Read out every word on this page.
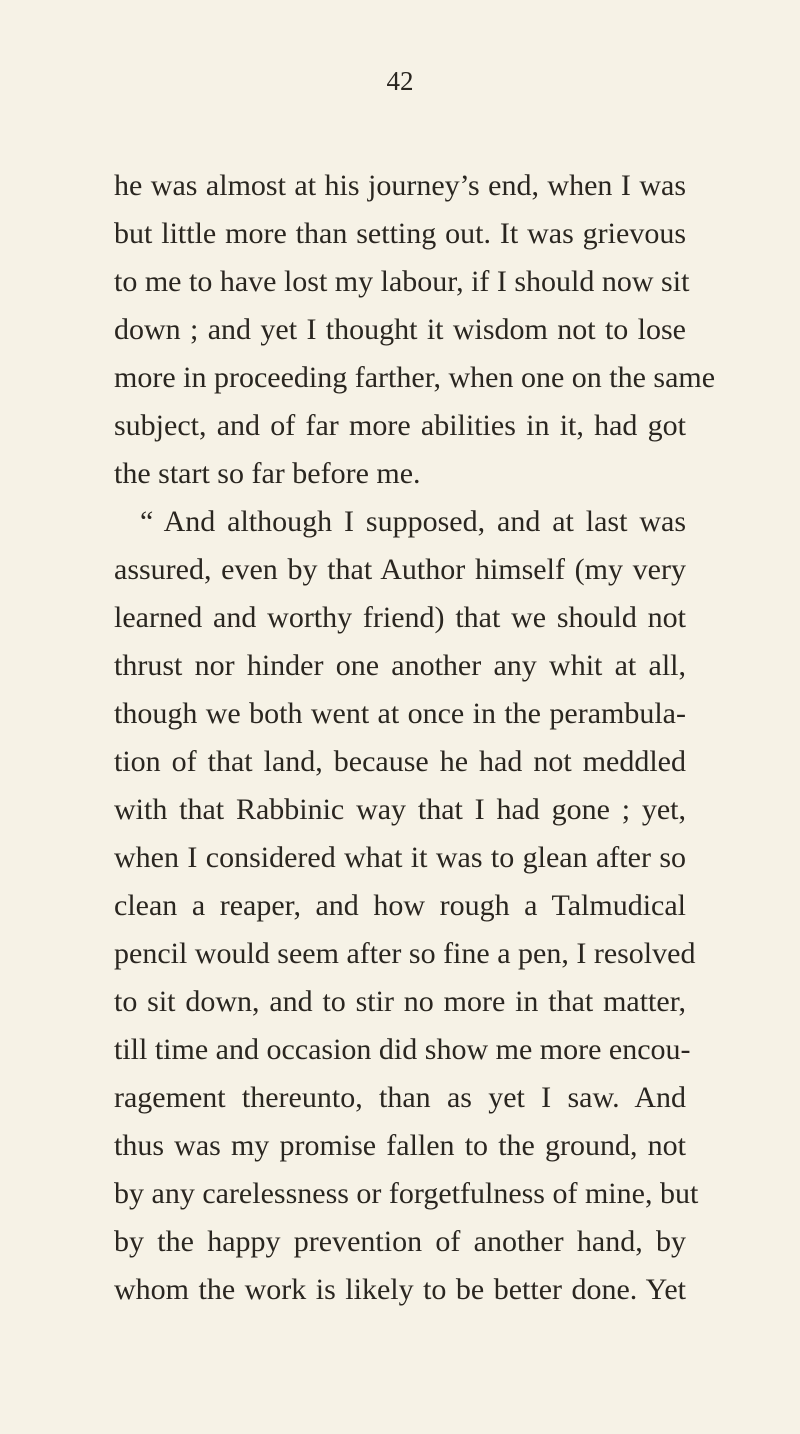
42
he was almost at his journey’s end, when I was
but little more than setting out. It was grievous
to me to have lost my labour, if I should now sit
down ; and yet I thought it wisdom not to lose
more in proceeding farther, when one on the same
subject, and of far more abilities in it, had got
the start so far before me.
“ And although I supposed, and at last was
assured, even by that Author himself (my very
learned and worthy friend) that we should not
thrust nor hinder one another any whit at all,
though we both went at once in the perambula-
tion of that land, because he had not meddled
with that Rabbinic way that I had gone ; yet,
when I considered what it was to glean after so
clean a reaper, and how rough a Talmudical
pencil would seem after so fine a pen, I resolved
to sit down, and to stir no more in that matter,
till time and occasion did show me more encou-
ragement thereunto, than as yet I saw. And
thus was my promise fallen to the ground, not
by any carelessness or forgetfulness of mine, but
by the happy prevention of another hand, by
whom the work is likely to be better done. Yet
